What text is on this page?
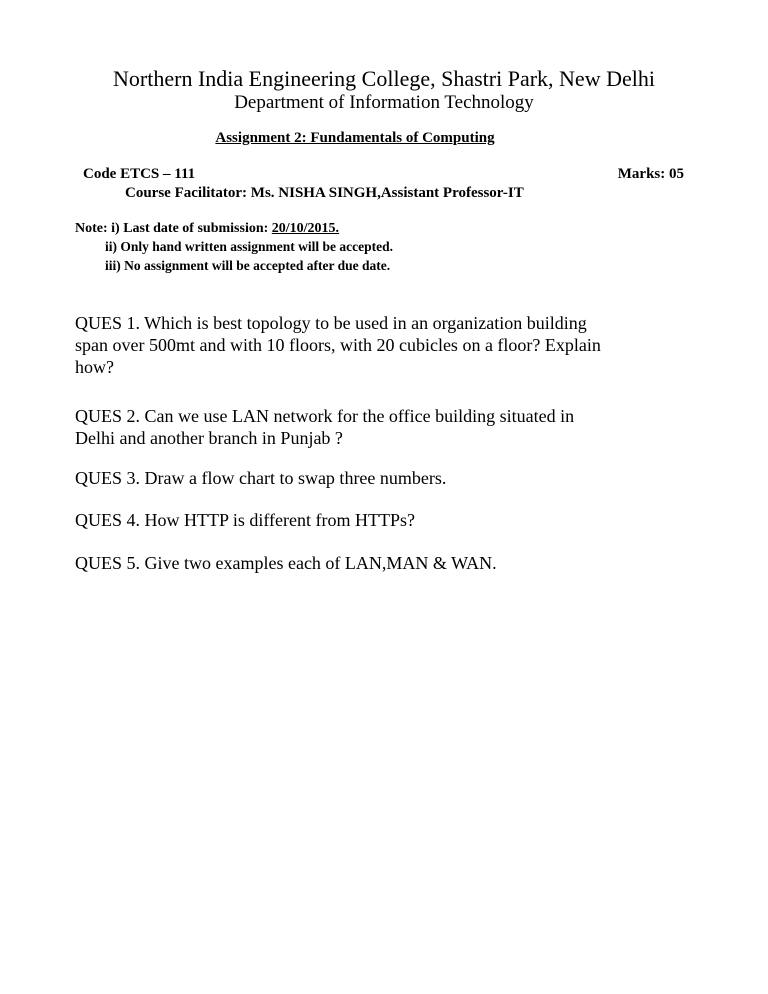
Northern India Engineering College, Shastri Park, New Delhi
Department of Information Technology
Assignment 2: Fundamentals of Computing
Code ETCS – 111	Marks: 05
Course Facilitator: Ms. NISHA SINGH,Assistant Professor-IT
Note: i) Last date of submission: 20/10/2015.
ii) Only hand written assignment will be accepted.
iii) No assignment will be accepted after due date.
QUES 1. Which is best topology to be used in an organization building
span over 500mt and with 10 floors, with 20 cubicles on a floor? Explain
how?
QUES 2. Can we use LAN network for the office building situated in
Delhi and another branch in Punjab ?
QUES 3. Draw a flow chart to swap three numbers.
QUES 4. How HTTP is different from HTTPs?
QUES 5. Give two examples each of LAN,MAN & WAN.
